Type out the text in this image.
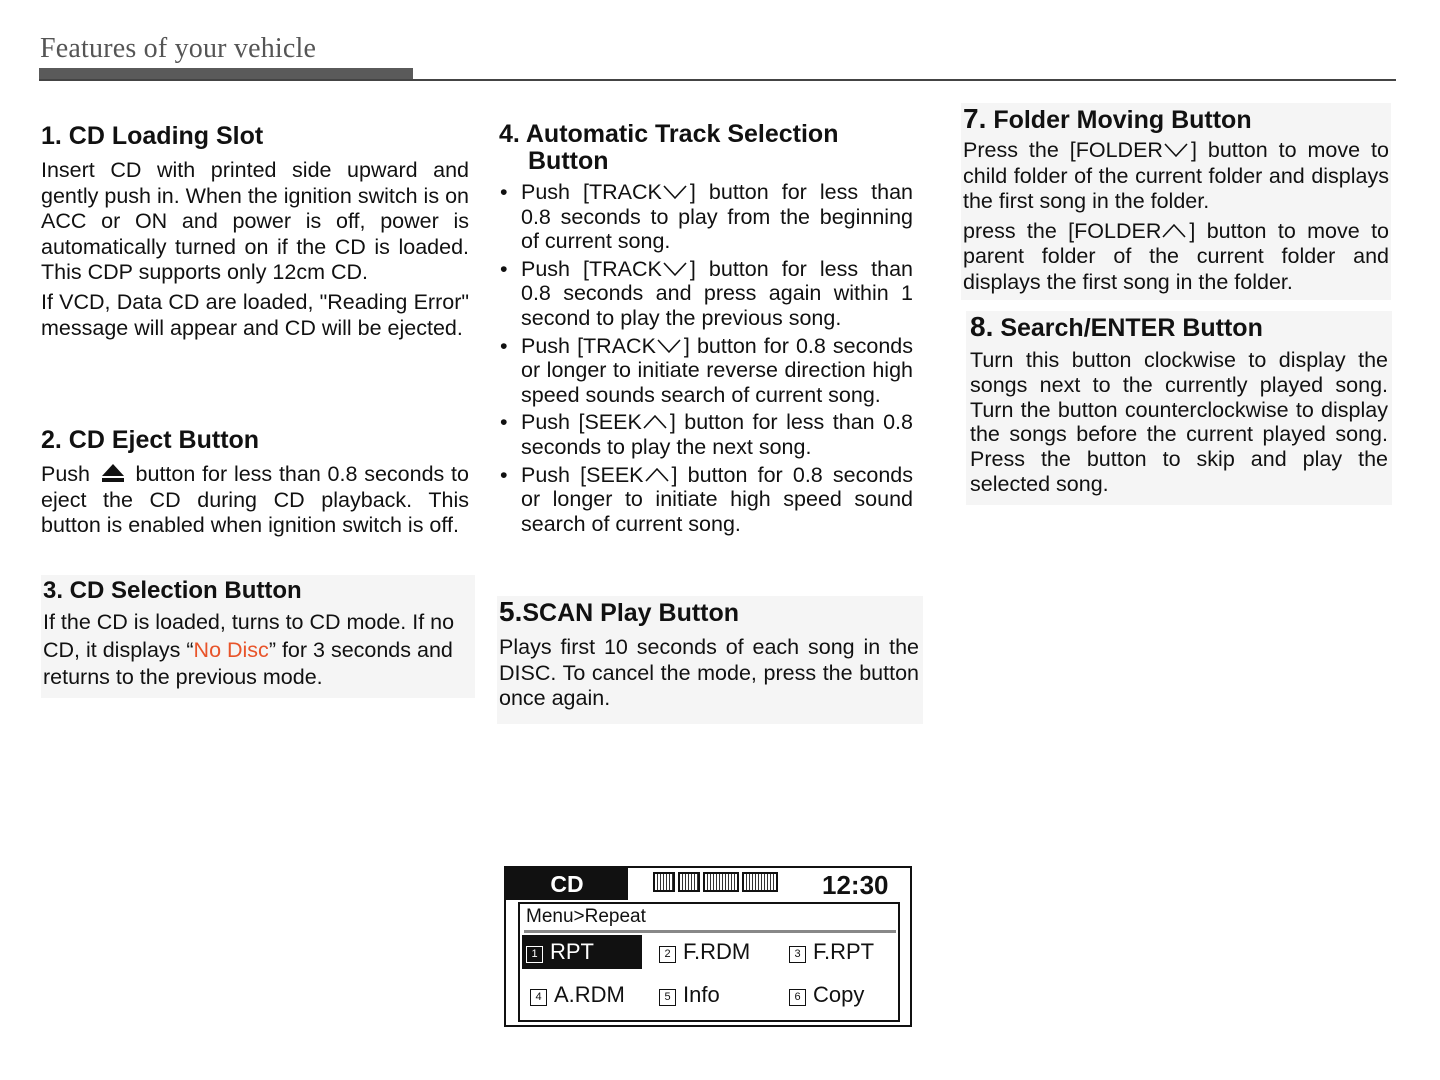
Features of your vehicle
1. CD Loading Slot

Insert CD with printed side upward and gently push in. When the ignition switch is on ACC or ON and power is off, power is automatically turned on if the CD is loaded. This CDP supports only 12cm CD.

If VCD, Data CD are loaded, "Reading Error" message will appear and CD will be ejected.

2. CD Eject Button

Push button for less than 0.8 seconds to eject the CD during CD playback. This button is enabled when ignition switch is off.

3. CD Selection Button

If the CD is loaded, turns to CD mode. If no CD, it displays “No Disc” for 3 seconds and returns to the previous mode.

4. Automatic Track Selection
Button
• Push [TRACK ] button for less than 0.8 seconds to play from the beginning of current song.
• Push [TRACK ] button for less than 0.8 seconds and press again within 1 second to play the previous song.
• Push [TRACK ] button for 0.8 seconds or longer to initiate reverse direction high speed sounds search of current song.
• Push [SEEK ] button for less than 0.8 seconds to play the next song.
• Push [SEEK ] button for 0.8 seconds or longer to initiate high speed sound search of current song.
5.SCAN Play Button

Plays first 10 seconds of each song in the DISC. To cancel the mode, press the button once again.

7. Folder Moving Button

Press the [FOLDER ] button to move to child folder of the current folder and displays the first song in the folder.

press the [FOLDER ] button to move to parent folder of the current folder and displays the first song in the folder.

8. Search/ENTER Button

Turn this button clockwise to display the songs next to the currently played song. Turn the button counterclockwise to display the songs before the current played song. Press the button to skip and play the selected song.

CD	12:30
Menu>Repeat
1 RPT	2 F.RDM	3 F.RPT
4 A.RDM	5 Info	6 Copy
